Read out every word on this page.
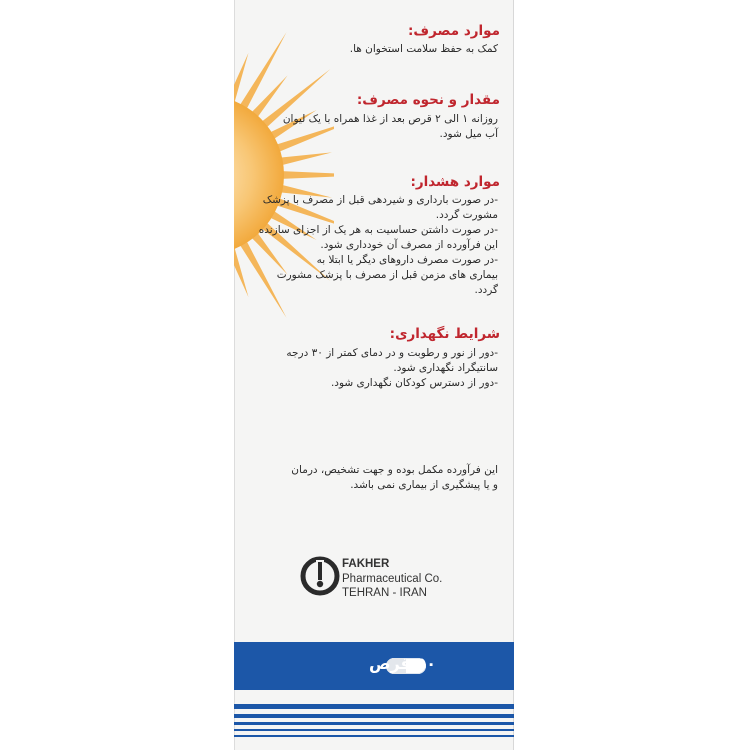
موارد مصرف:
کمک به حفظ سلامت استخوان ها.
مقدار و نحوه مصرف:
روزانه ۱ الی ۲ قرص بعد از غذا همراه با یک لیوان
آب میل شود.
موارد هشدار:
-در صورت بارداری و شیردهی قبل از مصرف با پزشک
مشورت گردد.
-در صورت داشتن حساسیت به هر یک از اجزای سازنده
این فرآورده از مصرف آن خودداری شود.
-در صورت مصرف داروهای دیگر یا ابتلا به
بیماری های مزمن قبل از مصرف با پزشک مشورت
گردد.
شرایط نگهداری:
-دور از نور و رطوبت و در دمای کمتر از ۳۰ درجه
سانتیگراد نگهداری شود.
-دور از دسترس کودکان نگهداری شود.
این فرآورده مکمل بوده و جهت تشخیص، درمان
و یا پیشگیری از بیماری نمی باشد.
FAKHER
Pharmaceutical Co.
TEHRAN - IRAN
۵۰ قرص
